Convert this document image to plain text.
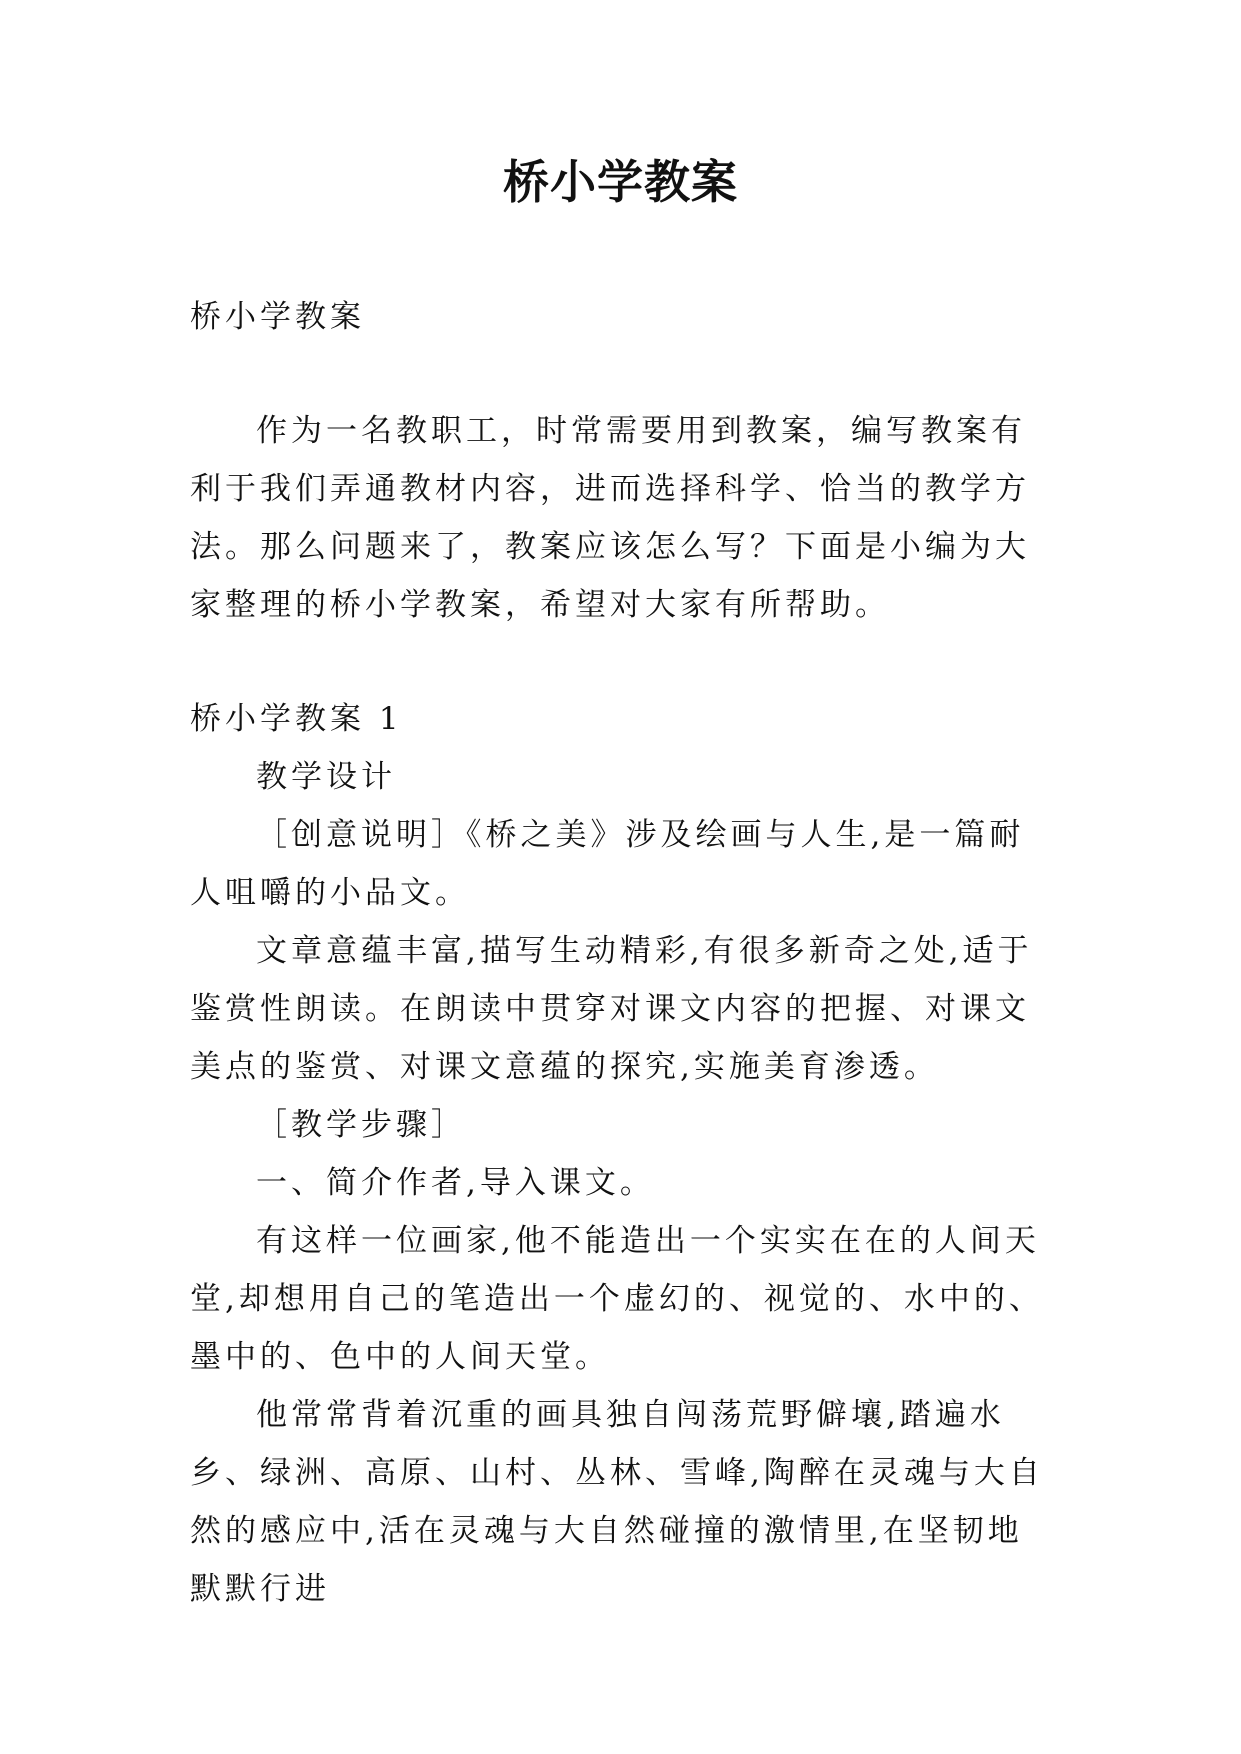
桥小学教案

桥小学教案

作为一名教职工，时常需要用到教案，编写教案有利于我们弄通教材内容，进而选择科学、恰当的教学方法。那么问题来了，教案应该怎么写？下面是小编为大家整理的桥小学教案，希望对大家有所帮助。

桥小学教案 1

教学设计

［创意说明］《桥之美》涉及绘画与人生,是一篇耐人咀嚼的小品文。

文章意蕴丰富,描写生动精彩,有很多新奇之处,适于鉴赏性朗读。在朗读中贯穿对课文内容的把握、对课文美点的鉴赏、对课文意蕴的探究,实施美育渗透。

［教学步骤］

一、简介作者,导入课文。

有这样一位画家,他不能造出一个实实在在的人间天堂,却想用自己的笔造出一个虚幻的、视觉的、水中的、墨中的、色中的人间天堂。

他常常背着沉重的画具独自闯荡荒野僻壤,踏遍水乡、绿洲、高原、山村、丛林、雪峰,陶醉在灵魂与大自然的感应中,活在灵魂与大自然碰撞的激情里,在坚韧地默默行进
